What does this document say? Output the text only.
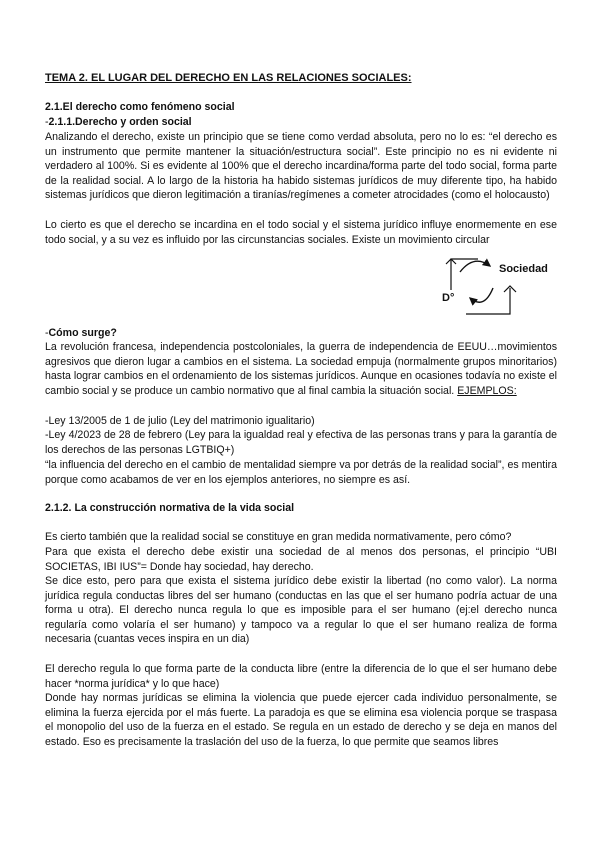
TEMA 2. EL LUGAR DEL DERECHO EN LAS RELACIONES SOCIALES:
2.1.El derecho como fenómeno social
-2.1.1.Derecho y orden social
Analizando el derecho, existe un principio que se tiene como verdad absoluta, pero no lo es: “el derecho es un instrumento que permite mantener la situación/estructura social”. Este principio no es ni evidente ni verdadero al 100%. Si es evidente al 100% que el derecho incardina/forma parte del todo social, forma parte de la realidad social. A lo largo de la historia ha habido sistemas jurídicos de muy diferente tipo, ha habido sistemas jurídicos que dieron legitimación a tiranías/regímenes a cometer atrocidades (como el holocausto)
Lo cierto es que el derecho se incardina en el todo social y el sistema jurídico influye enormemente en ese todo social, y a su vez es influido por las circunstancias sociales. Existe un movimiento circular
Sociedad
D°
-Cómo surge?
La revolución francesa, independencia postcoloniales, la guerra de independencia de EEUU…movimientos agresivos que dieron lugar a cambios en el sistema. La sociedad empuja (normalmente grupos minoritarios) hasta lograr cambios en el ordenamiento de los sistemas jurídicos. Aunque en ocasiones todavía no existe el cambio social y se produce un cambio normativo que al final cambia la situación social. EJEMPLOS:
-Ley 13/2005 de 1 de julio (Ley del matrimonio igualitario)
-Ley 4/2023 de 28 de febrero (Ley para la igualdad real y efectiva de las personas trans y para la garantía de los derechos de las personas LGTBIQ+)
“la influencia del derecho en el cambio de mentalidad siempre va por detrás de la realidad social”, es mentira porque como acabamos de ver en los ejemplos anteriores, no siempre es así.
2.1.2. La construcción normativa de la vida social
Es cierto también que la realidad social se constituye en gran medida normativamente, pero cómo?
Para que exista el derecho debe existir una sociedad de al menos dos personas, el principio “UBI SOCIETAS, IBI IUS”= Donde hay sociedad, hay derecho.
Se dice esto, pero para que exista el sistema jurídico debe existir la libertad (no como valor). La norma jurídica regula conductas libres del ser humano (conductas en las que el ser humano podría actuar de una forma u otra). El derecho nunca regula lo que es imposible para el ser humano (ej:el derecho nunca regularía como volaría el ser humano) y tampoco va a regular lo que el ser humano realiza de forma necesaria (cuantas veces inspira en un dia)
El derecho regula lo que forma parte de la conducta libre (entre la diferencia de lo que el ser humano debe hacer *norma jurídica* y lo que hace)
Donde hay normas jurídicas se elimina la violencia que puede ejercer cada individuo personalmente, se elimina la fuerza ejercida por el más fuerte. La paradoja es que se elimina esa violencia porque se traspasa el monopolio del uso de la fuerza en el estado. Se regula en un estado de derecho y se deja en manos del estado. Eso es precisamente la traslación del uso de la fuerza, lo que permite que seamos libres
